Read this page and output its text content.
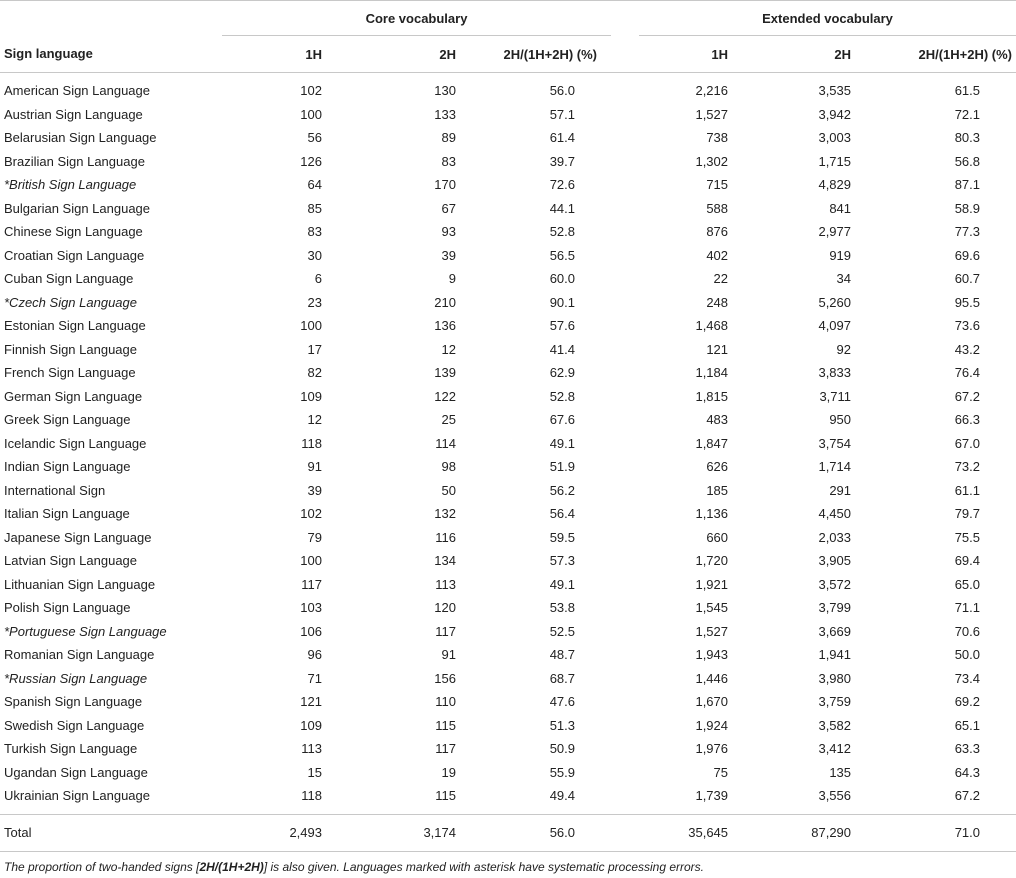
	Core vocabulary				Extended vocabulary		
Sign language	1H	2H	2H/(1H+2H) (%)		1H	2H	2H/(1H+2H) (%)
American Sign Language	102	130	56.0		2,216	3,535	61.5
Austrian Sign Language	100	133	57.1		1,527	3,942	72.1
Belarusian Sign Language	56	89	61.4		738	3,003	80.3
Brazilian Sign Language	126	83	39.7		1,302	1,715	56.8
*British Sign Language	64	170	72.6		715	4,829	87.1
Bulgarian Sign Language	85	67	44.1		588	841	58.9
Chinese Sign Language	83	93	52.8		876	2,977	77.3
Croatian Sign Language	30	39	56.5		402	919	69.6
Cuban Sign Language	6	9	60.0		22	34	60.7
*Czech Sign Language	23	210	90.1		248	5,260	95.5
Estonian Sign Language	100	136	57.6		1,468	4,097	73.6
Finnish Sign Language	17	12	41.4		121	92	43.2
French Sign Language	82	139	62.9		1,184	3,833	76.4
German Sign Language	109	122	52.8		1,815	3,711	67.2
Greek Sign Language	12	25	67.6		483	950	66.3
Icelandic Sign Language	118	114	49.1		1,847	3,754	67.0
Indian Sign Language	91	98	51.9		626	1,714	73.2
International Sign	39	50	56.2		185	291	61.1
Italian Sign Language	102	132	56.4		1,136	4,450	79.7
Japanese Sign Language	79	116	59.5		660	2,033	75.5
Latvian Sign Language	100	134	57.3		1,720	3,905	69.4
Lithuanian Sign Language	117	113	49.1		1,921	3,572	65.0
Polish Sign Language	103	120	53.8		1,545	3,799	71.1
*Portuguese Sign Language	106	117	52.5		1,527	3,669	70.6
Romanian Sign Language	96	91	48.7		1,943	1,941	50.0
*Russian Sign Language	71	156	68.7		1,446	3,980	73.4
Spanish Sign Language	121	110	47.6		1,670	3,759	69.2
Swedish Sign Language	109	115	51.3		1,924	3,582	65.1
Turkish Sign Language	113	117	50.9		1,976	3,412	63.3
Ugandan Sign Language	15	19	55.9		75	135	64.3
Ukrainian Sign Language	118	115	49.4		1,739	3,556	67.2
Total	2,493	3,174	56.0		35,645	87,290	71.0
The proportion of two-handed signs [2H/(1H+2H)] is also given. Languages marked with asterisk have systematic processing errors.
